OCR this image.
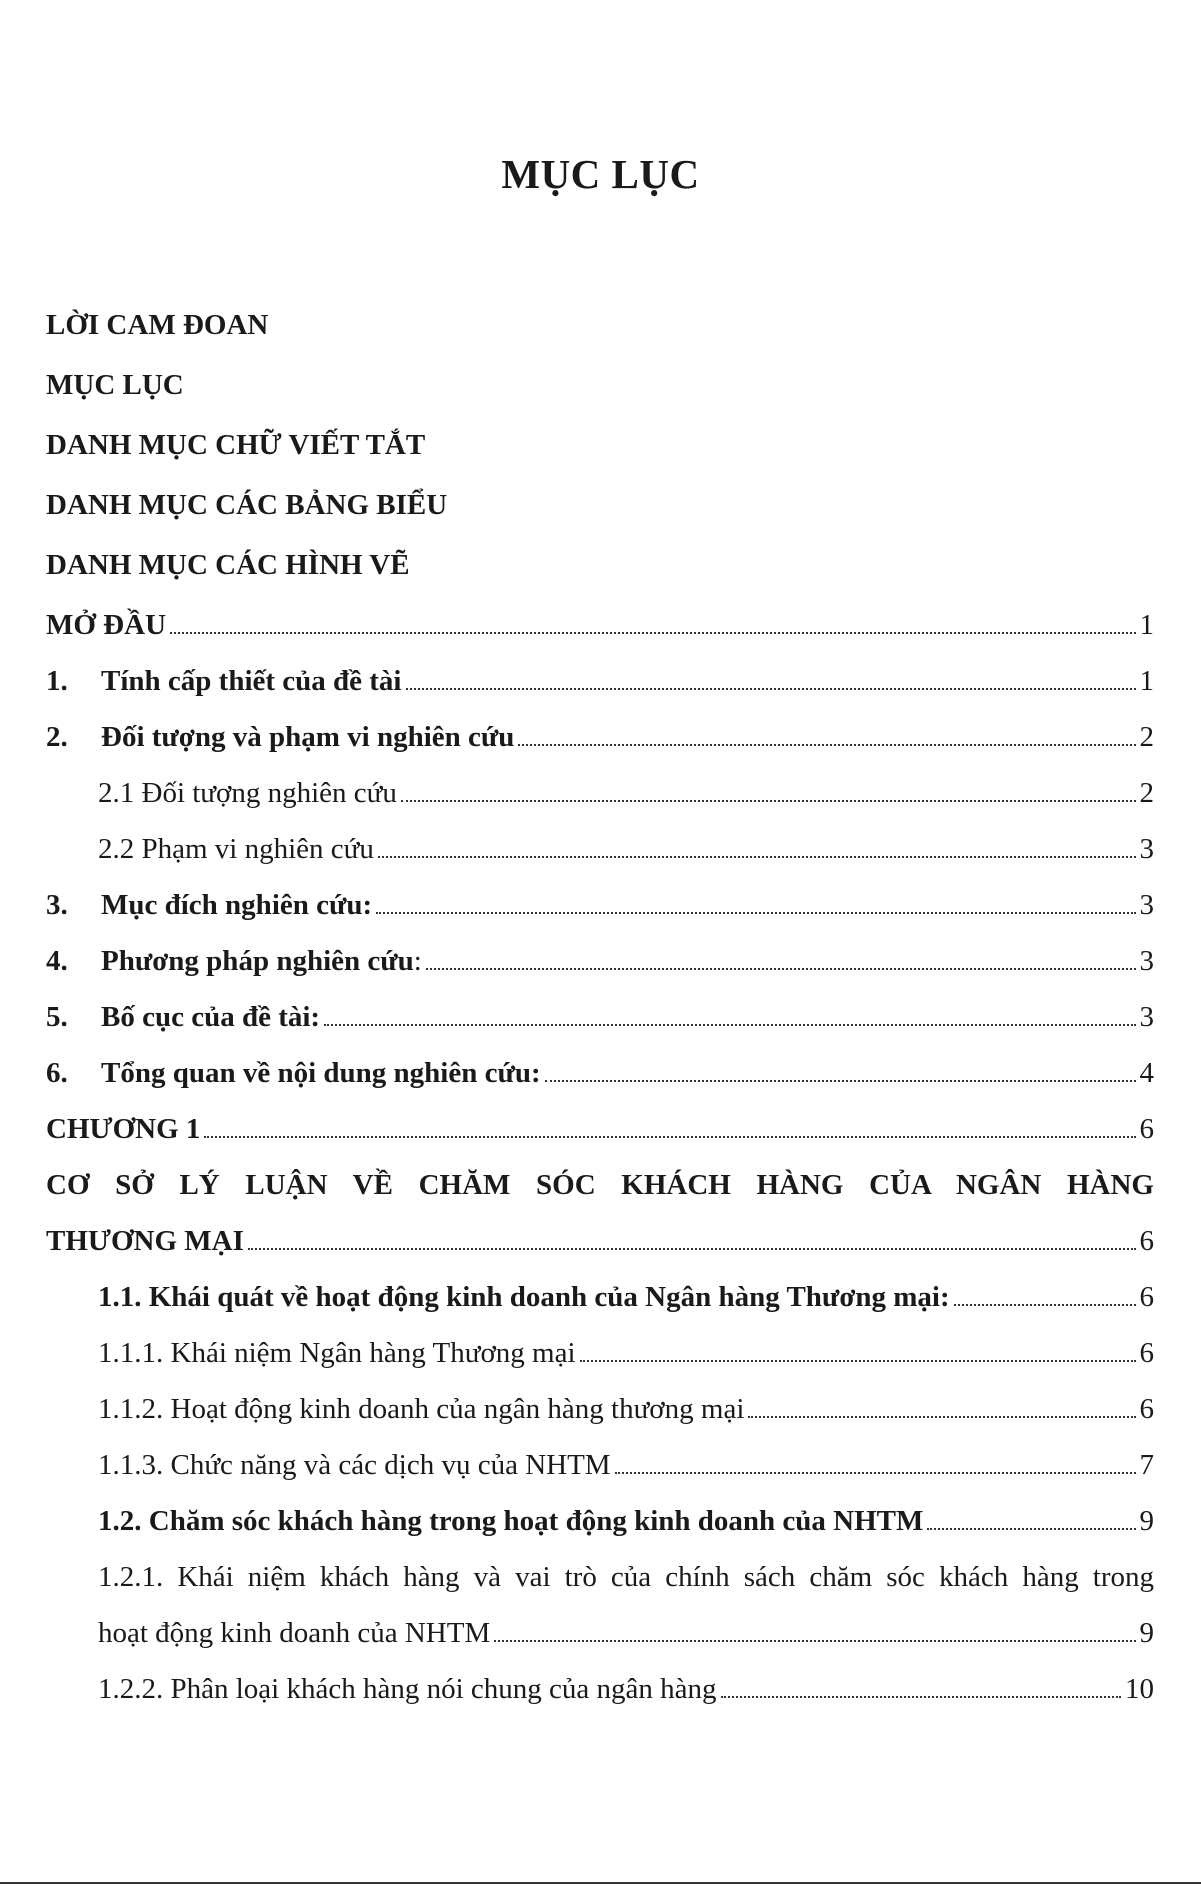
MỤC LỤC
LỜI CAM ĐOAN
MỤC LỤC
DANH MỤC CHỮ VIẾT TẮT
DANH MỤC CÁC BẢNG BIỂU
DANH MỤC CÁC HÌNH VẼ
MỞ ĐẦU	1
1.	Tính cấp thiết của đề tài	1
2.	Đối tượng và phạm vi nghiên cứu	2
2.1 Đối tượng nghiên cứu	2
2.2 Phạm vi nghiên cứu	3
3.	Mục đích nghiên cứu:	3
4.	Phương pháp nghiên cứu :	3
5.	Bố cục của đề tài:	3
6.	Tổng quan về nội dung nghiên cứu:	4
CHƯƠNG 1	6
CƠ SỞ LÝ LUẬN VỀ CHĂM SÓC KHÁCH HÀNG CỦA NGÂN HÀNG
THƯƠNG MẠI	6
1.1. Khái quát về hoạt động kinh doanh của Ngân hàng Thương mại:	6
1.1.1. Khái niệm Ngân hàng Thương mại	6
1.1.2. Hoạt động kinh doanh của ngân hàng thương mại	6
1.1.3. Chức năng và các dịch vụ của NHTM	7
1.2. Chăm sóc khách hàng trong hoạt động kinh doanh của NHTM	9
1.2.1. Khái niệm khách hàng và vai trò của chính sách chăm sóc khách hàng trong
hoạt động kinh doanh của NHTM	9
1.2.2. Phân loại khách hàng nói chung của ngân hàng	10
